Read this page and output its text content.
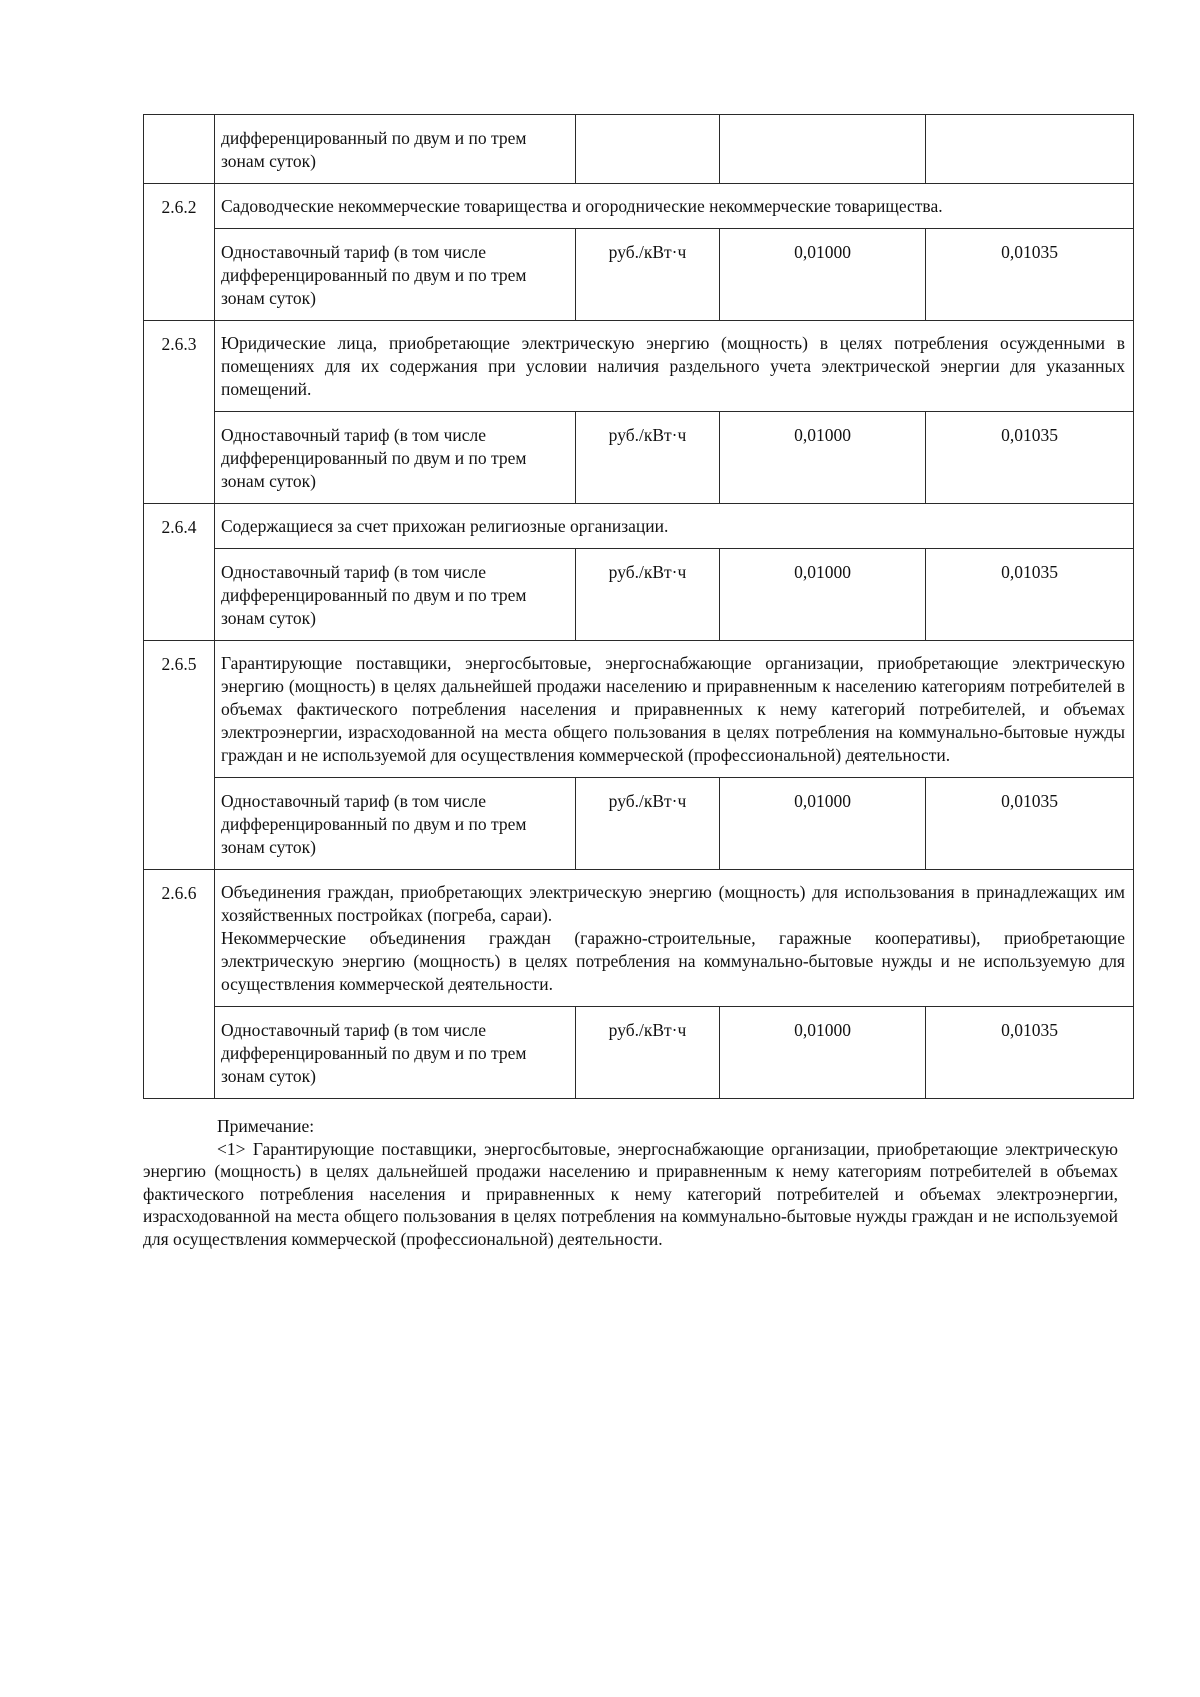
	дифференцированный по двум и по трем зонам суток)			
2.6.2	Садоводческие некоммерческие товарищества и огороднические некоммерческие товарищества.			

	Одноставочный тариф (в том числе дифференцированный по двум и по трем зонам суток)	руб./кВт·ч	0,01000	0,01035
2.6.3	Юридические лица, приобретающие электрическую энергию (мощность) в целях потребления осужденными в помещениях для их содержания при условии наличия раздельного учета электрической энергии для указанных помещений.			

	Одноставочный тариф (в том числе дифференцированный по двум и по трем зонам суток)	руб./кВт·ч	0,01000	0,01035
2.6.4	Содержащиеся за счет прихожан религиозные организации.			

	Одноставочный тариф (в том числе дифференцированный по двум и по трем зонам суток)	руб./кВт·ч	0,01000	0,01035
2.6.5	Гарантирующие поставщики, энергосбытовые, энергоснабжающие организации, приобретающие электрическую энергию (мощность) в целях дальнейшей продажи населению и приравненным к населению категориям потребителей в объемах фактического потребления населения и приравненных к нему категорий потребителей, и объемах электроэнергии, израсходованной на места общего пользования в целях потребления на коммунально-бытовые нужды граждан и не используемой для осуществления коммерческой (профессиональной) деятельности.			

	Одноставочный тариф (в том числе дифференцированный по двум и по трем зонам суток)	руб./кВт·ч	0,01000	0,01035
2.6.6	Объединения граждан, приобретающих электрическую энергию (мощность) для использования в принадлежащих им хозяйственных постройках (погреба, сараи).
Некоммерческие объединения граждан (гаражно-строительные, гаражные кооперативы), приобретающие электрическую энергию (мощность) в целях потребления на коммунально-бытовые нужды и не используемую для осуществления коммерческой деятельности.			

	Одноставочный тариф (в том числе дифференцированный по двум и по трем зонам суток)	руб./кВт·ч	0,01000	0,01035
Примечание:
<1> Гарантирующие поставщики, энергосбытовые, энергоснабжающие организации, приобретающие электрическую энергию (мощность) в целях дальнейшей продажи населению и приравненным к нему категориям потребителей в объемах фактического потребления населения и приравненных к нему категорий потребителей и объемах электроэнергии, израсходованной на места общего пользования в целях потребления на коммунально-бытовые нужды граждан и не используемой для осуществления коммерческой (профессиональной) деятельности.
